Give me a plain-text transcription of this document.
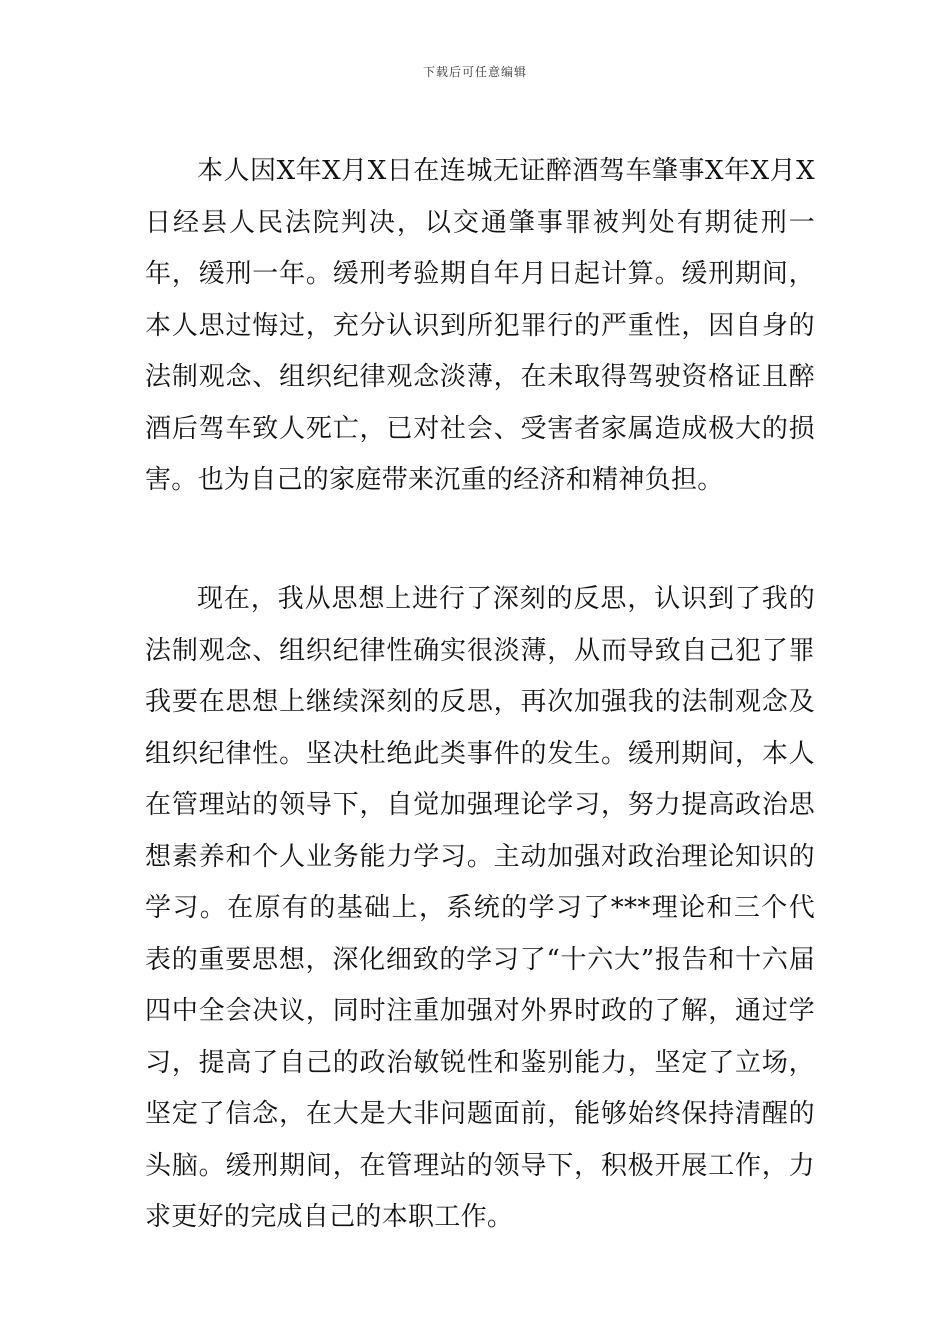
下载后可任意编辑

本人因X年X月X日在连城无证醉酒驾车肇事X年X月X日经县人民法院判决，以交通肇事罪被判处有期徒刑一年，缓刑一年。缓刑考验期自年月日起计算。缓刑期间，本人思过悔过，充分认识到所犯罪行的严重性，因自身的法制观念、组织纪律观念淡薄，在未取得驾驶资格证且醉酒后驾车致人死亡，已对社会、受害者家属造成极大的损害。也为自己的家庭带来沉重的经济和精神负担。

现在，我从思想上进行了深刻的反思，认识到了我的法制观念、组织纪律性确实很淡薄，从而导致自己犯了罪我要在思想上继续深刻的反思，再次加强我的法制观念及组织纪律性。坚决杜绝此类事件的发生。缓刑期间，本人在管理站的领导下，自觉加强理论学习，努力提高政治思想素养和个人业务能力学习。主动加强对政治理论知识的学习。在原有的基础上，系统的学习了***理论和三个代表的重要思想，深化细致的学习了“十六大”报告和十六届四中全会决议，同时注重加强对外界时政的了解，通过学习，提高了自己的政治敏锐性和鉴别能力，坚定了立场，坚定了信念，在大是大非问题面前，能够始终保持清醒的头脑。缓刑期间，在管理站的领导下，积极开展工作，力求更好的完成自己的本职工作。
